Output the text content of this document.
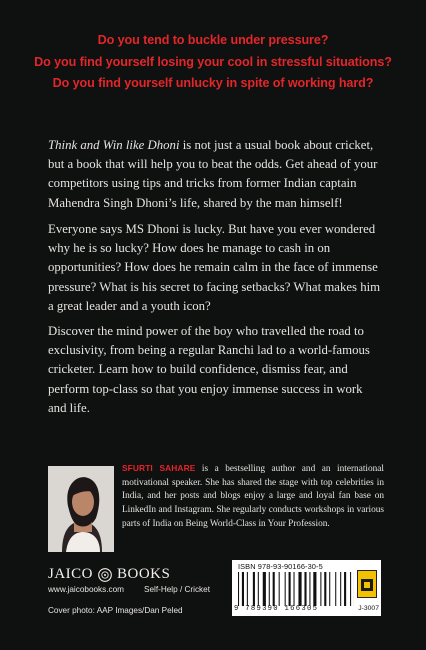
Do you tend to buckle under pressure?
Do you find yourself losing your cool in stressful situations?
Do you find yourself unlucky in spite of working hard?

Think and Win like Dhoni is not just a usual book about cricket, but a book that will help you to beat the odds. Get ahead of your competitors using tips and tricks from former Indian captain Mahendra Singh Dhoni’s life, shared by the man himself!

Everyone says MS Dhoni is lucky. But have you ever wondered why he is so lucky? How does he manage to cash in on opportunities? How does he remain calm in the face of immense pressure? What is his secret to facing setbacks? What makes him a great leader and a youth icon?

Discover the mind power of the boy who travelled the road to exclusivity, from being a regular Ranchi lad to a world-famous cricketer. Learn how to build confidence, dismiss fear, and perform top-class so that you enjoy immense success in work and life.

SFURTI SAHARE is a bestselling author and an international motivational speaker. She has shared the stage with top celebrities in India, and her posts and blogs enjoy a large and loyal fan base on LinkedIn and Instagram. She regularly conducts workshops in various parts of India on Being World-Class in Your Profession.
JAICO BOOKS
www.jaicobooks.com Self-Help / Cricket
Cover photo: AAP Images/Dan Peled
ISBN 978-93-90166-30-5
9 789390 166305	J-3007
